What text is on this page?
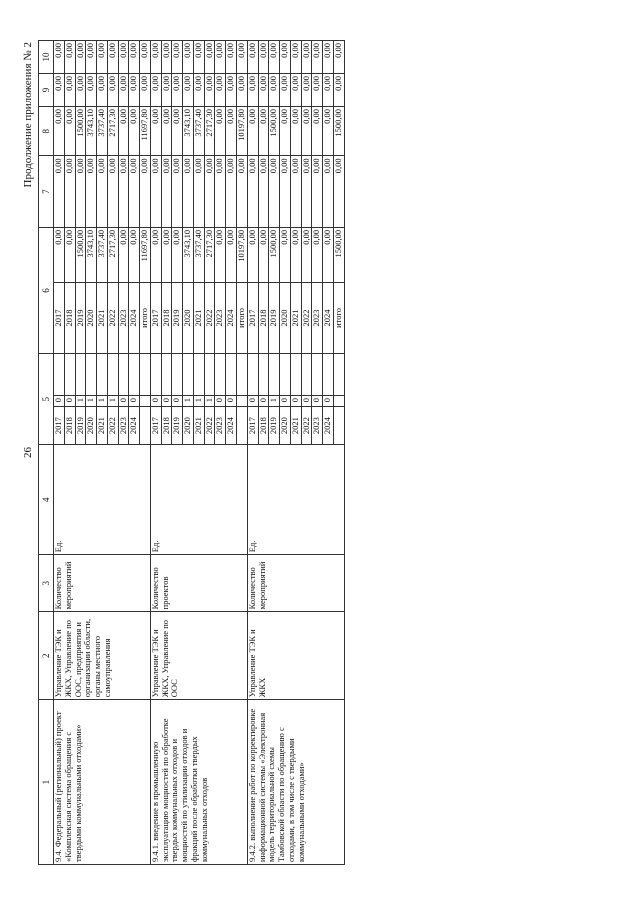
26
Продолжение приложения № 2
1	2	3	4	5			6		7	8	9	10
9.4. Федеральный (региональный) проект «Комплексная система обращения с твердыми коммунальными отходами»	Управление ТЭК и ЖКХ, Управление по ООС, предприятия и организации области, органы местного самоуправления	Количество мероприятий	Ед.	2017	0		2017	0,00	0,00	0,00	0,00	0,00
				2018	0		2018	0,00	0,00	0,00	0,00	0,00
				2019	1		2019	1500,00	0,00	1500,00	0,00	0,00
				2020	1		2020	3743,10	0,00	3743,10	0,00	0,00
				2021	1		2021	3737,40	0,00	3737,40	0,00	0,00
				2022	1		2022	2717,30	0,00	2717,30	0,00	0,00
				2023	0		2023	0,00	0,00	0,00	0,00	0,00
				2024	0		2024	0,00	0,00	0,00	0,00	0,00
							итого	11697,80	0,00	11697,80	0,00	0,00
9.4.1. введение в промышленную эксплуатацию мощностей по обработке твердых коммунальных отходов и мощностей по утилизации отходов и фракций после обработки твердых коммунальных отходов	Управление ТЭК и ЖКХ, Управление по ООС	Количество проектов	Ед.	2017	0		2017	0,00	0,00	0,00	0,00	0,00
				2018	0		2018	0,00	0,00	0,00	0,00	0,00
				2019	0		2019	0,00	0,00	0,00	0,00	0,00
				2020	1		2020	3743,10	0,00	3743,10	0,00	0,00
				2021	1		2021	3737,40	0,00	3737,40	0,00	0,00
				2022	1		2022	2717,30	0,00	2717,30	0,00	0,00
				2023	0		2023	0,00	0,00	0,00	0,00	0,00
				2024	0		2024	0,00	0,00	0,00	0,00	0,00
							итого	10197,80	0,00	10197,80	0,00	0,00
9.4.2. выполнение работ по корректировке информационной системы «Электронная модель территориальной схемы Тамбовской области по обращению с отходами, в том числе с твердыми коммунальными отходами»	Управление ТЭК и ЖКХ	Количество мероприятий	Ед.	2017	0		2017	0,00	0,00	0,00	0,00	0,00
				2018	0		2018	0,00	0,00	0,00	0,00	0,00
				2019	1		2019	1500,00	0,00	1500,00	0,00	0,00
				2020	0		2020	0,00	0,00	0,00	0,00	0,00
				2021	0		2021	0,00	0,00	0,00	0,00	0,00
				2022	0		2022	0,00	0,00	0,00	0,00	0,00
				2023	0		2023	0,00	0,00	0,00	0,00	0,00
				2024	0		2024	0,00	0,00	0,00	0,00	0,00
							итого	1500,00	0,00	1500,00	0,00	0,00
